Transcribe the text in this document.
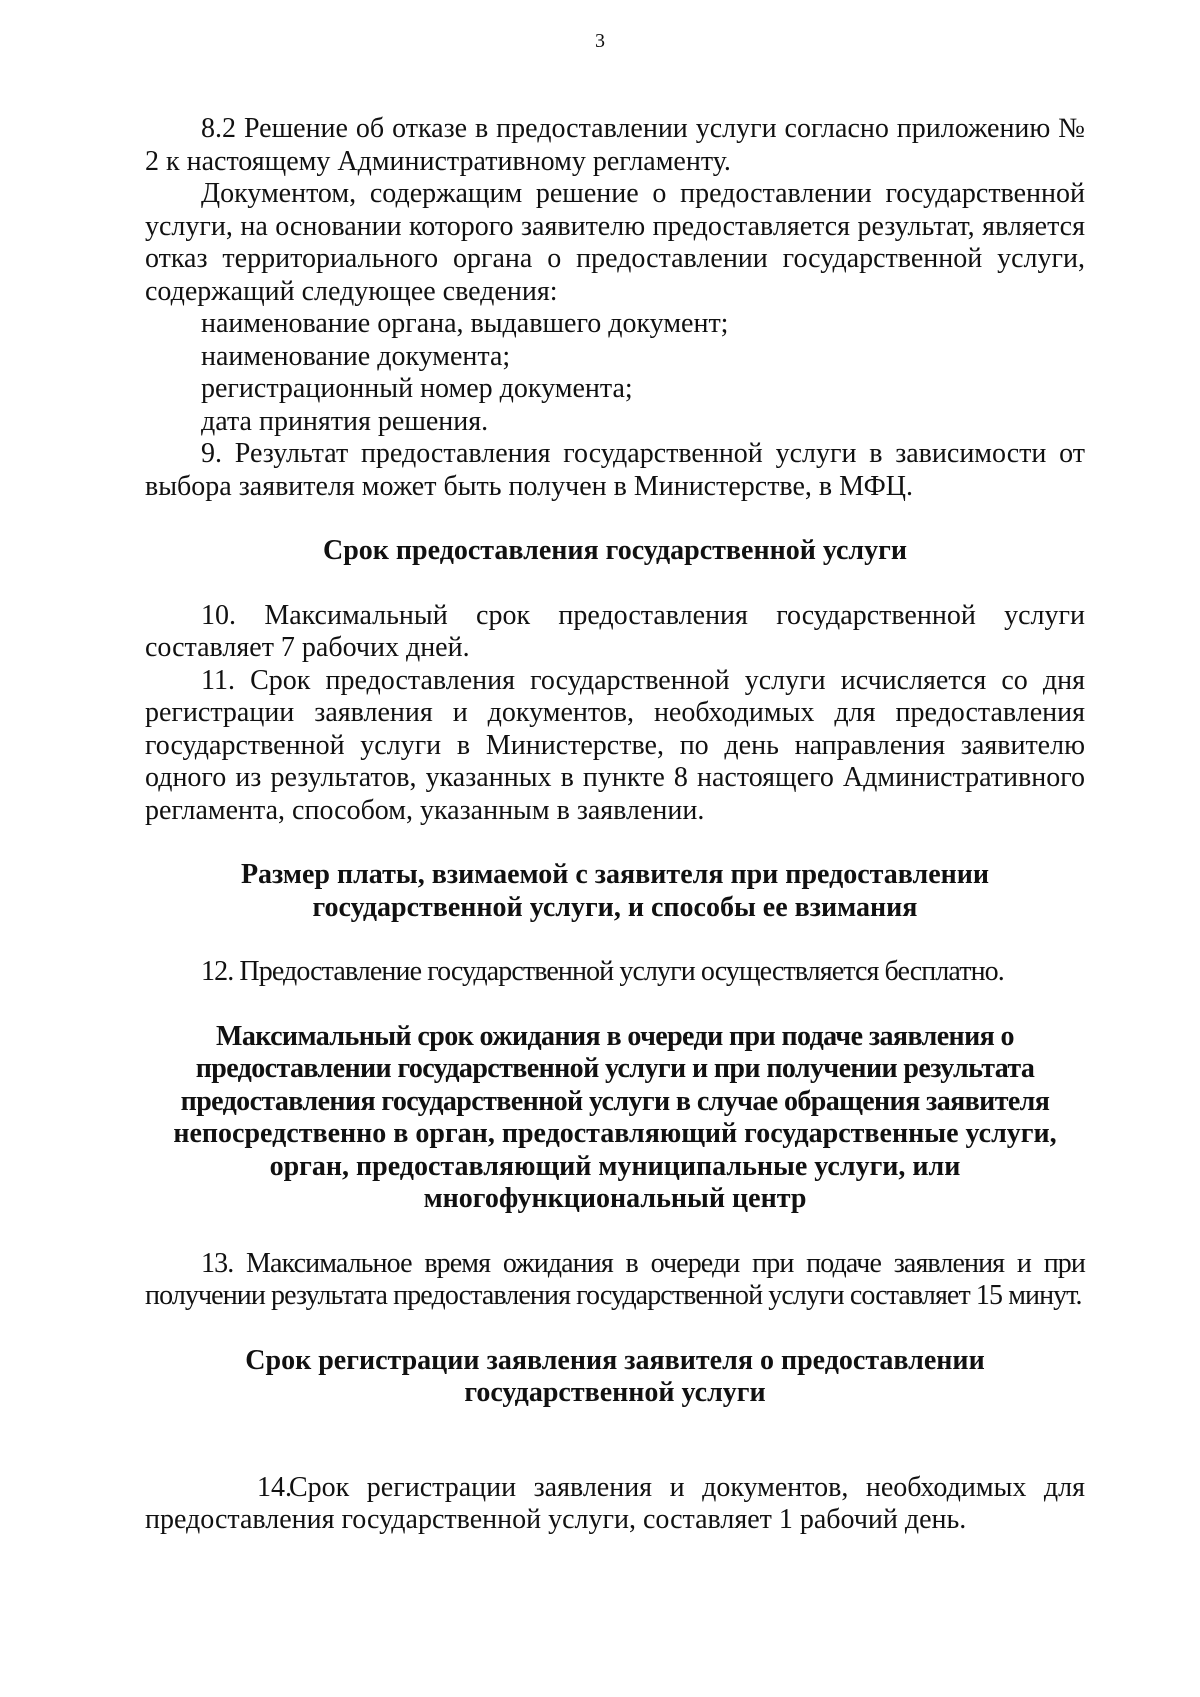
3

8.2 Решение об отказе в предоставлении услуги согласно приложению № 2 к настоящему Административному регламенту.

Документом, содержащим решение о предоставлении государственной услуги, на основании которого заявителю предоставляется результат, является отказ территориального органа о предоставлении государственной услуги, содержащий следующее сведения:

наименование органа, выдавшего документ;

наименование документа;

регистрационный номер документа;

дата принятия решения.

9. Результат предоставления государственной услуги в зависимости от выбора заявителя может быть получен в Министерстве, в МФЦ.

Срок предоставления государственной услуги

10. Максимальный срок предоставления государственной услуги

составляет 7 рабочих дней.

11. Срок предоставления государственной услуги исчисляется со дня регистрации заявления и документов, необходимых для предоставления государственной услуги в Министерстве, по день направления заявителю одного из результатов, указанных в пункте 8 настоящего Административного регламента, способом, указанным в заявлении.

Размер платы, взимаемой с заявителя при предоставлении

государственной услуги, и способы ее взимания

12. Предоставление государственной услуги осуществляется бесплатно.

Максимальный срок ожидания в очереди при подаче заявления о

предоставлении государственной услуги и при получении результата

предоставления государственной услуги в случае обращения заявителя

непосредственно в орган, предоставляющий государственные услуги,

орган, предоставляющий муниципальные услуги, или

многофункциональный центр

13. Максимальное время ожидания в очереди при подаче заявления и при получении результата предоставления государственной услуги составляет 15 минут.

Срок регистрации заявления заявителя о предоставлении

государственной услуги

14.Срок регистрации заявления и документов, необходимых для предоставления государственной услуги, составляет 1 рабочий день.
